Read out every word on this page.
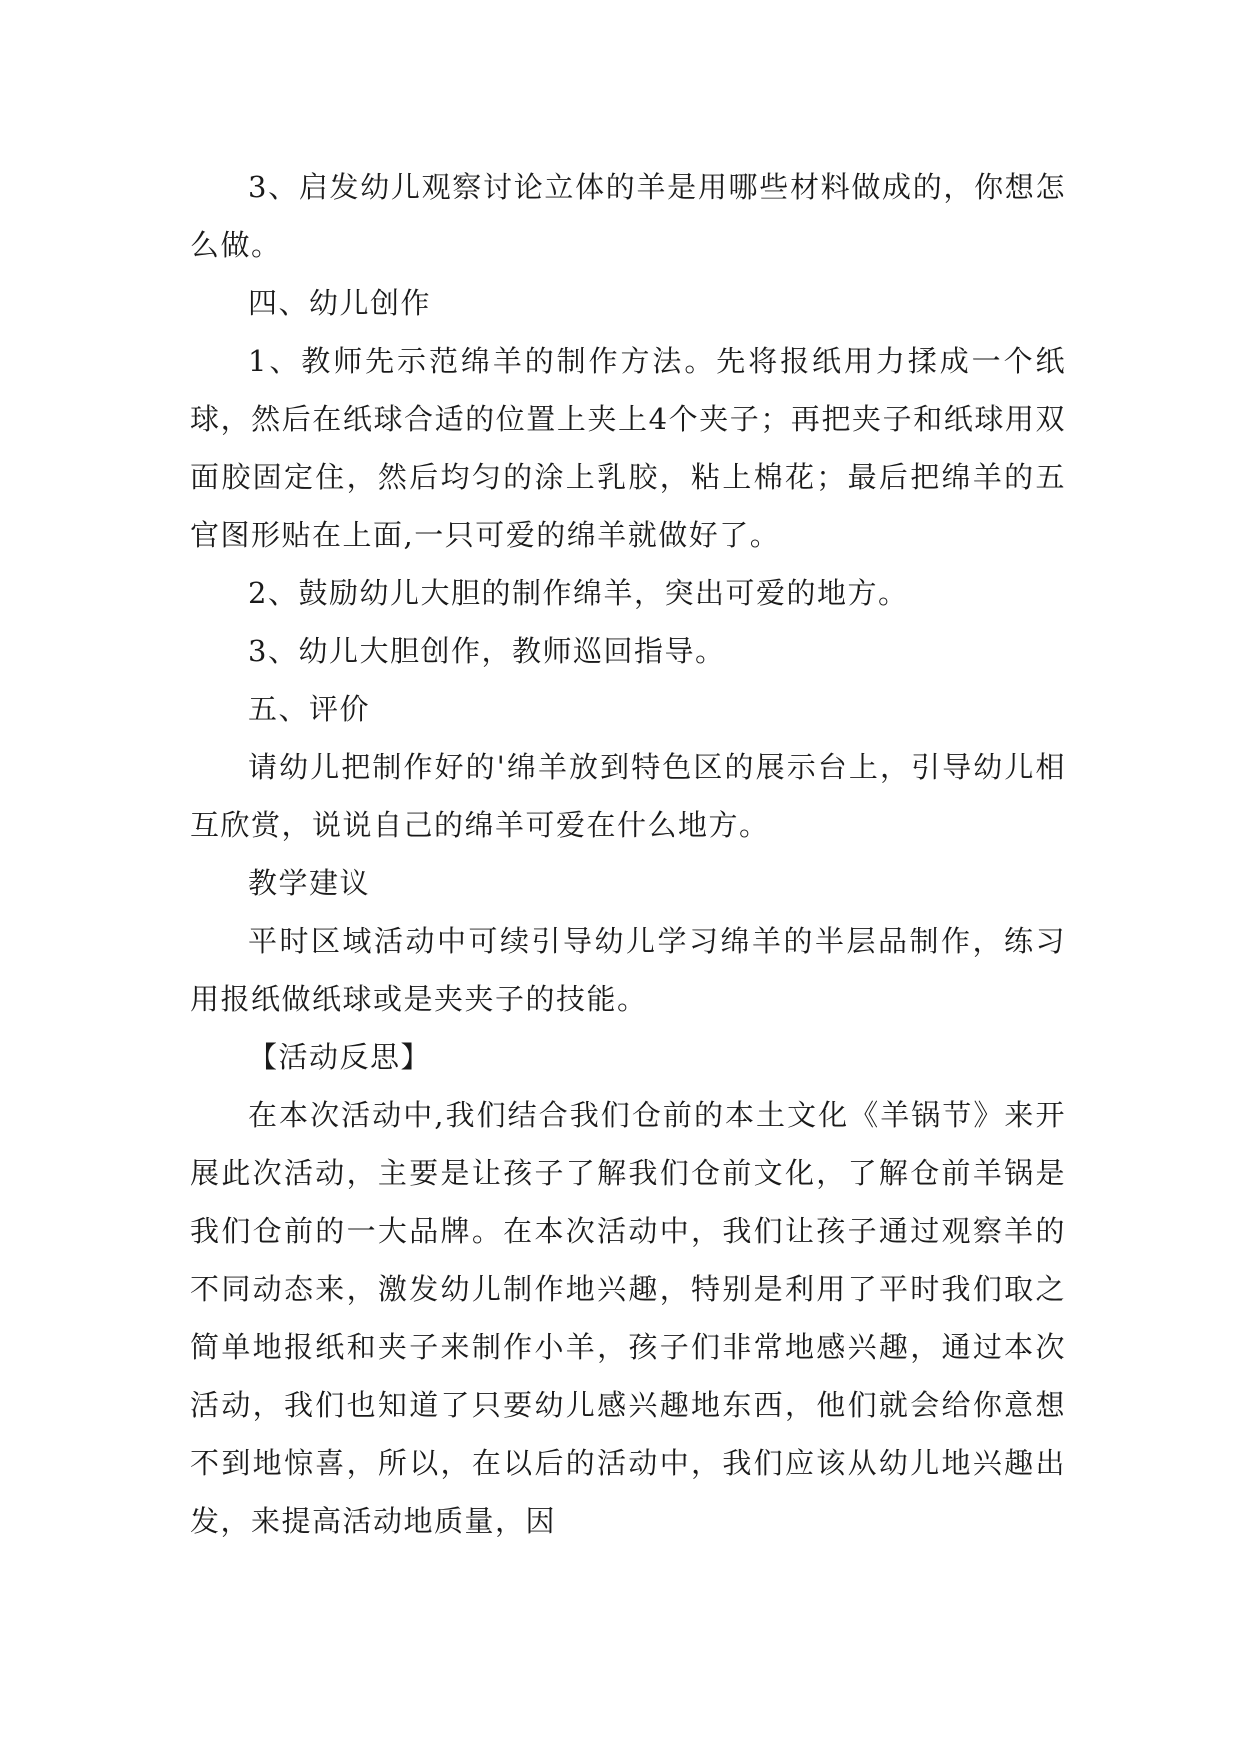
3、启发幼儿观察讨论立体的羊是用哪些材料做成的，你想怎么做。

四、幼儿创作

1、教师先示范绵羊的制作方法。先将报纸用力揉成一个纸球，然后在纸球合适的位置上夹上4个夹子；再把夹子和纸球用双面胶固定住，然后均匀的涂上乳胶，粘上棉花；最后把绵羊的五官图形贴在上面,一只可爱的绵羊就做好了。

2、鼓励幼儿大胆的制作绵羊，突出可爱的地方。

3、幼儿大胆创作，教师巡回指导。

五、评价

请幼儿把制作好的'绵羊放到特色区的展示台上，引导幼儿相互欣赏，说说自己的绵羊可爱在什么地方。

教学建议

平时区域活动中可续引导幼儿学习绵羊的半层品制作，练习用报纸做纸球或是夹夹子的技能。

【活动反思】

在本次活动中,我们结合我们仓前的本土文化《羊锅节》来开展此次活动，主要是让孩子了解我们仓前文化，了解仓前羊锅是我们仓前的一大品牌。在本次活动中，我们让孩子通过观察羊的不同动态来，激发幼儿制作地兴趣，特别是利用了平时我们取之简单地报纸和夹子来制作小羊，孩子们非常地感兴趣，通过本次活动，我们也知道了只要幼儿感兴趣地东西，他们就会给你意想不到地惊喜，所以，在以后的活动中，我们应该从幼儿地兴趣出发，来提高活动地质量，因
